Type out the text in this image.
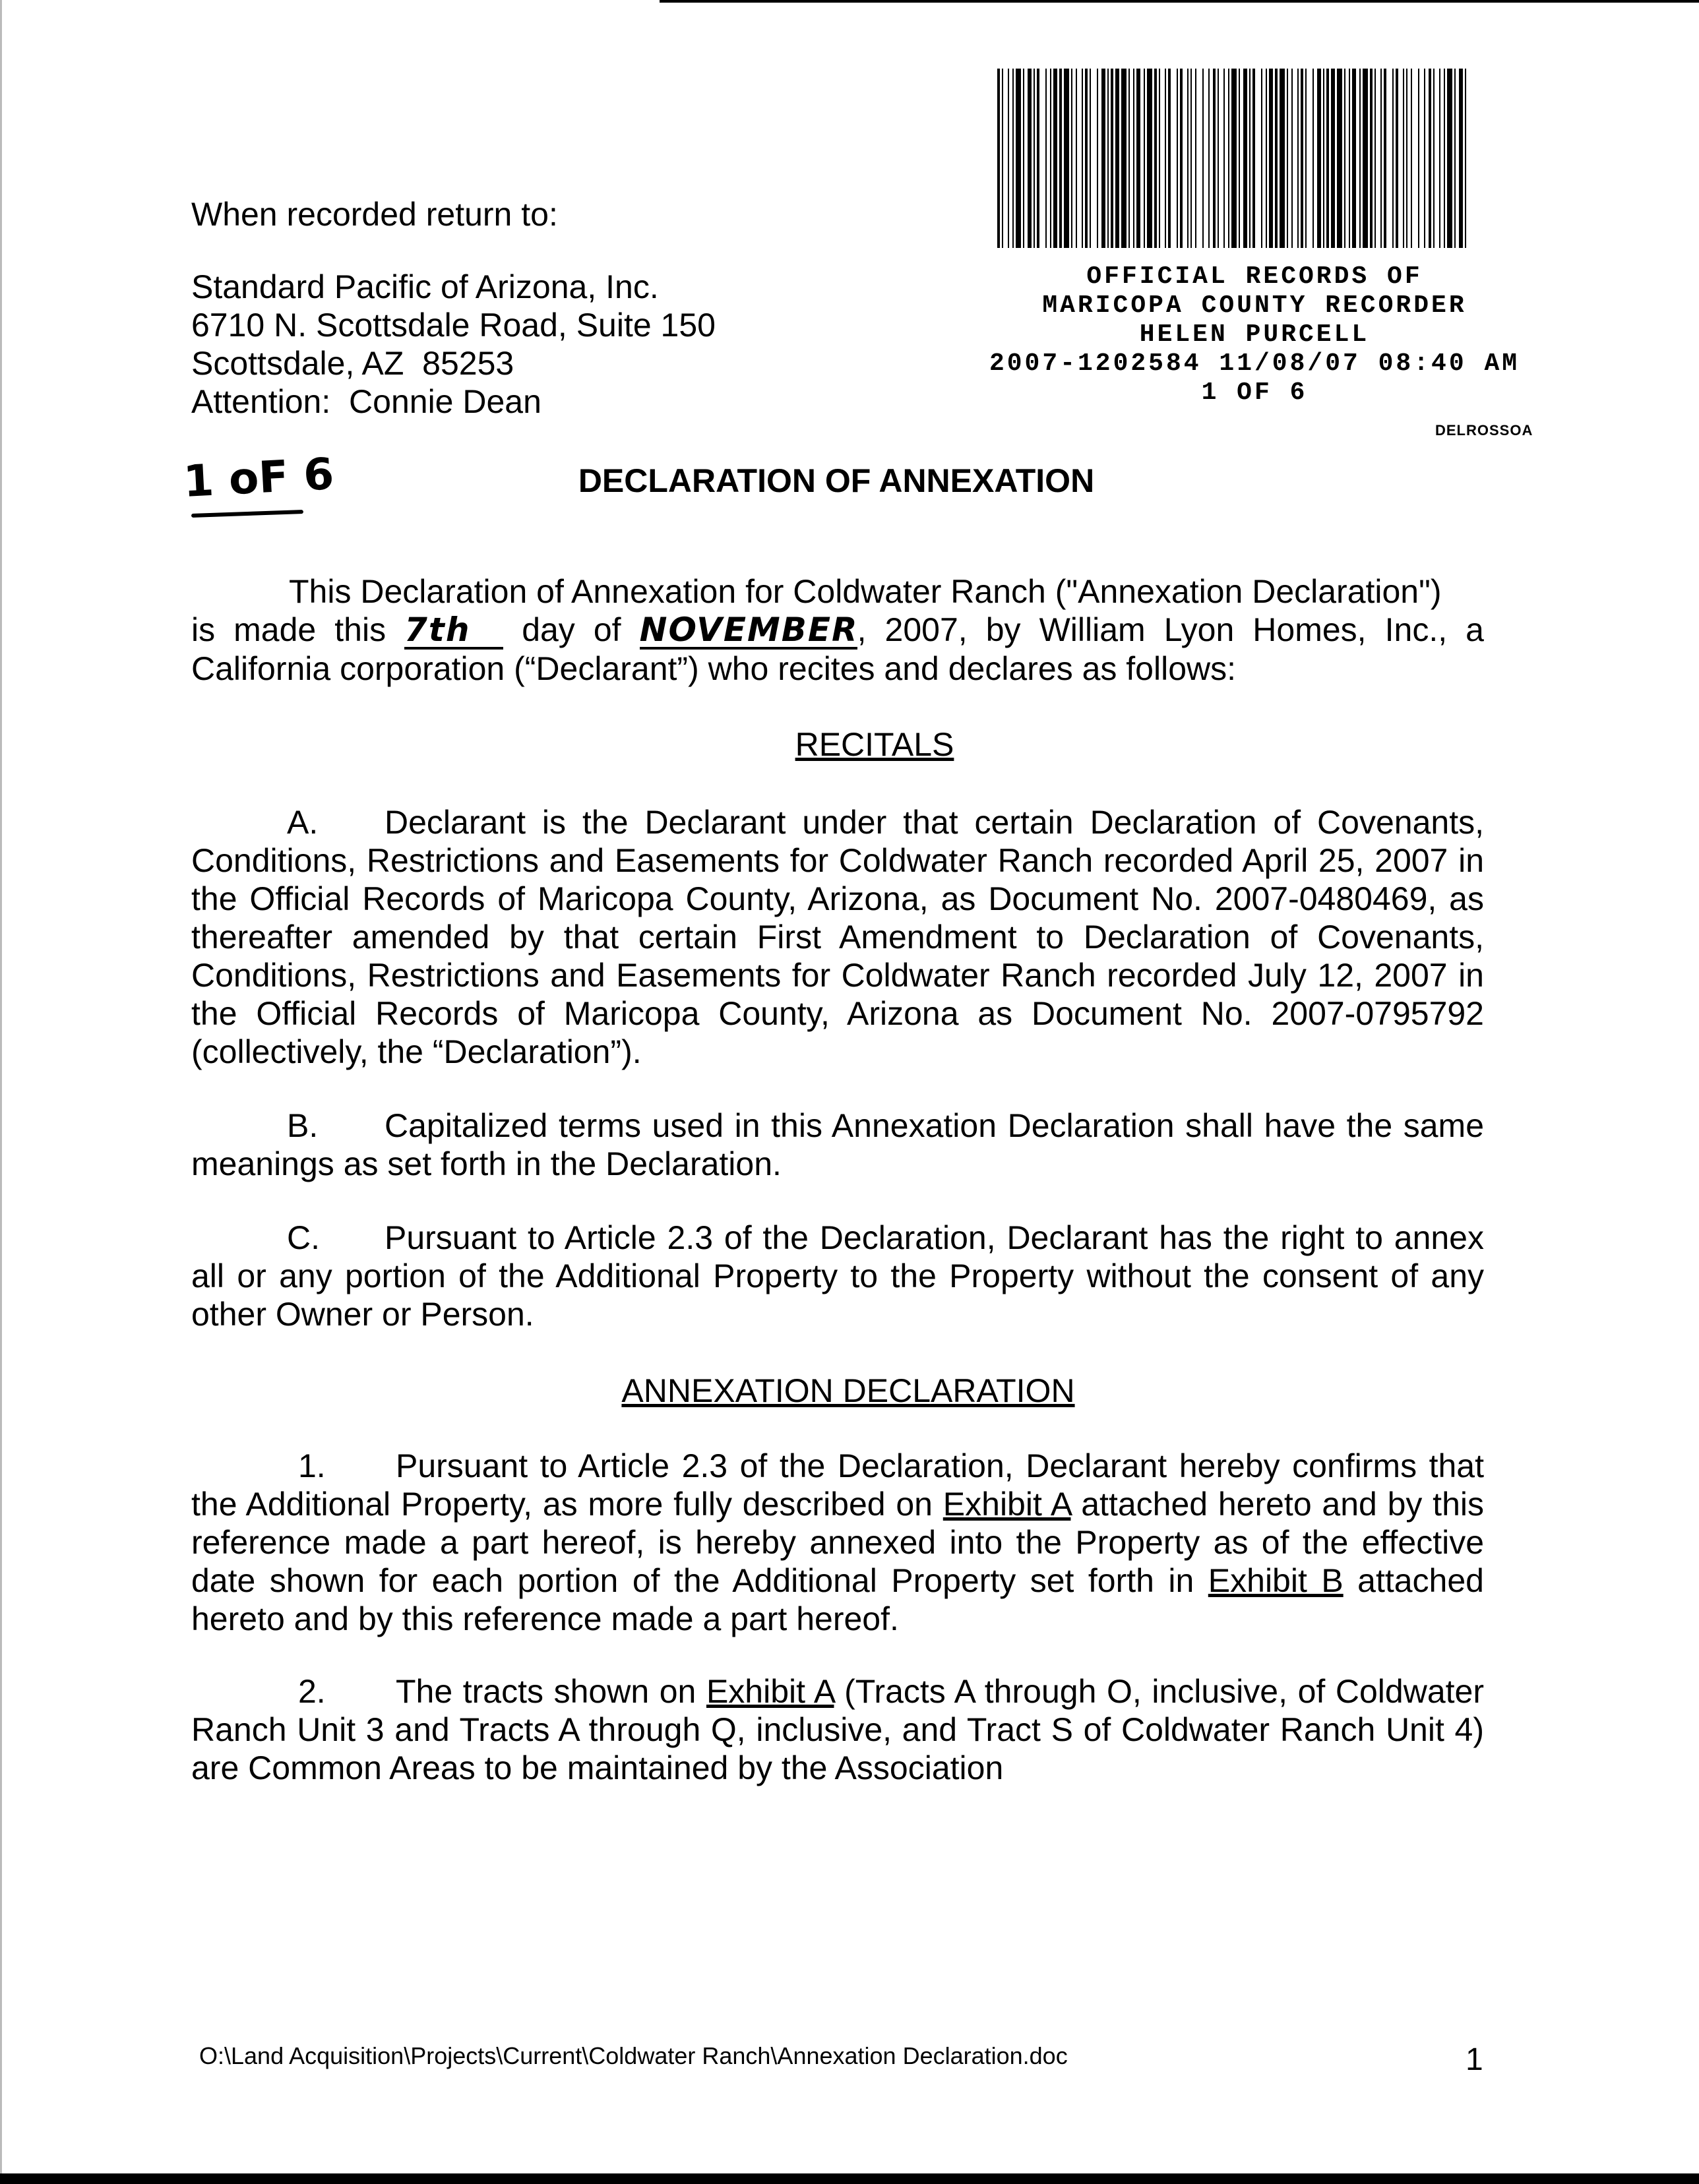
When recorded return to:
Standard Pacific of Arizona, Inc.
6710 N. Scottsdale Road, Suite 150
Scottsdale, AZ  85253
Attention:  Connie Dean
OFFICIAL RECORDS OF
MARICOPA COUNTY RECORDER
HELEN PURCELL
2007-1202584 11/08/07 08:40 AM
1 OF 6
DELROSSOA
1 oF 6	DECLARATION OF ANNEXATION
This Declaration of Annexation for Coldwater Ranch ("Annexation Declaration")
is made this 7th day of NOVEMBER, 2007, by William Lyon Homes, Inc., a
California corporation (“Declarant”) who recites and declares as follows:
RECITALS
A. Declarant is the Declarant under that certain Declaration of Covenants, Conditions, Restrictions and Easements for Coldwater Ranch recorded April 25, 2007 in the Official Records of Maricopa County, Arizona, as Document No. 2007-0480469, as thereafter amended by that certain First Amendment to Declaration of Covenants, Conditions, Restrictions and Easements for Coldwater Ranch recorded July 12, 2007 in the Official Records of Maricopa County, Arizona as Document No. 2007-0795792 (collectively, the “Declaration”).
B. Capitalized terms used in this Annexation Declaration shall have the same meanings as set forth in the Declaration.
C. Pursuant to Article 2.3 of the Declaration, Declarant has the right to annex all or any portion of the Additional Property to the Property without the consent of any other Owner or Person.
ANNEXATION DECLARATION
1. Pursuant to Article 2.3 of the Declaration, Declarant hereby confirms that the Additional Property, as more fully described on Exhibit A attached hereto and by this reference made a part hereof, is hereby annexed into the Property as of the effective date shown for each portion of the Additional Property set forth in Exhibit B attached hereto and by this reference made a part hereof.
2. The tracts shown on Exhibit A (Tracts A through O, inclusive, of Coldwater Ranch Unit 3 and Tracts A through Q, inclusive, and Tract S of Coldwater Ranch Unit 4) are Common Areas to be maintained by the Association
O:\Land Acquisition\Projects\Current\Coldwater Ranch\Annexation Declaration.doc	1
